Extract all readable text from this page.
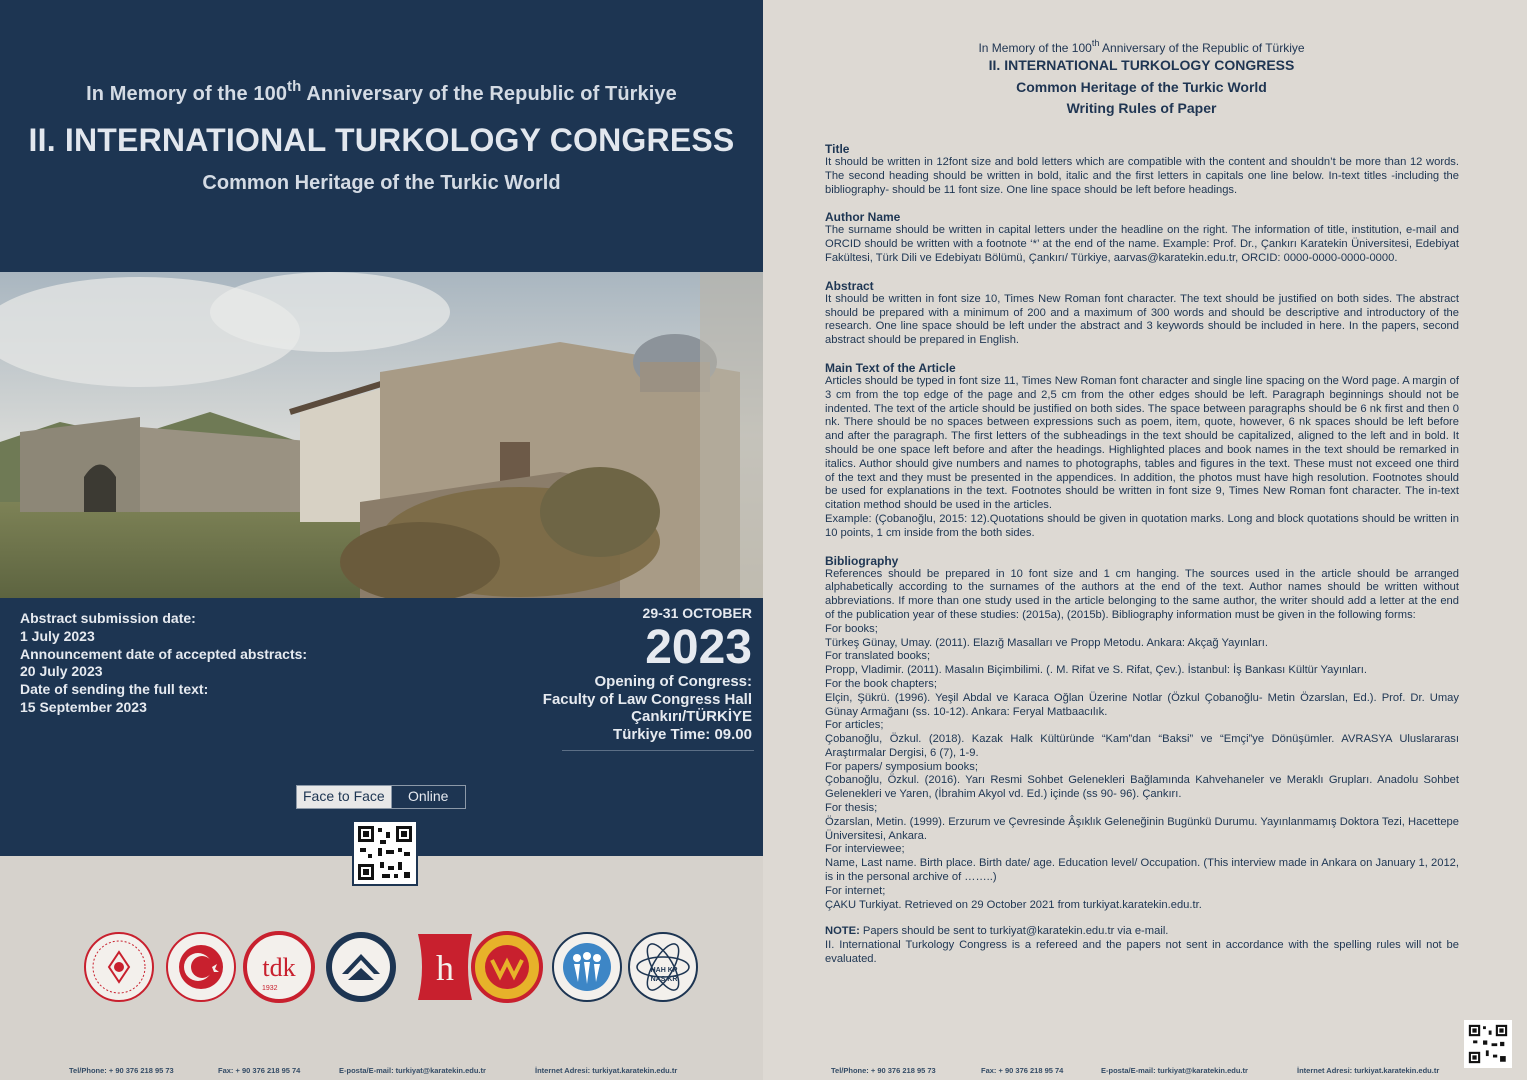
In Memory of the 100th Anniversary of the Republic of Türkiye
II. INTERNATIONAL TURKOLOGY CONGRESS
Common Heritage of the Turkic World
Abstract submission date:
1 July 2023
Announcement date of accepted abstracts:
20 July 2023
Date of sending the full text:
15 September 2023
29-31 OCTOBER
2023
Opening of Congress:
Faculty of Law Congress Hall
Çankırı/TÜRKİYE
Türkiye Time: 09.00
Face to Face	Online
tdk
1932
h	HAH KP
NAS KR
Tel/Phone: + 90 376 218 95 73	Fax: + 90 376 218 95 74	E-posta/E-mail: turkiyat@karatekin.edu.tr	İnternet Adresi: turkiyat.karatekin.edu.tr
In Memory of the 100th Anniversary of the Republic of Türkiye
II. INTERNATIONAL TURKOLOGY CONGRESS
Common Heritage of the Turkic World
Writing Rules of Paper
Title

It should be written in 12font size and bold letters which are compatible with the content and shouldn’t be more than 12 words. The second heading should be written in bold, italic and the first letters in capitals one line below. In-text titles -including the bibliography- should be 11 font size. One line space should be left before headings.

Author Name

The surname should be written in capital letters under the headline on the right. The information of title, institution, e-mail and ORCID should be written with a footnote ‘*’ at the end of the name. Example: Prof. Dr., Çankırı Karatekin Üniversitesi, Edebiyat Fakültesi, Türk Dili ve Edebiyatı Bölümü, Çankırı/ Türkiye, aarvas@karatekin.edu.tr, ORCID: 0000-0000-0000-0000.

Abstract

It should be written in font size 10, Times New Roman font character. The text should be justified on both sides. The abstract should be prepared with a minimum of 200 and a maximum of 300 words and should be descriptive and introductory of the research. One line space should be left under the abstract and 3 keywords should be included in here. In the papers, second abstract should be prepared in English.

Main Text of the Article

Articles should be typed in font size 11, Times New Roman font character and single line spacing on the Word page. A margin of 3 cm from the top edge of the page and 2,5 cm from the other edges should be left. Paragraph beginnings should not be indented. The text of the article should be justified on both sides. The space between paragraphs should be 6 nk first and then 0 nk. There should be no spaces between expressions such as poem, item, quote, however, 6 nk spaces should be left before and after the paragraph. The first letters of the subheadings in the text should be capitalized, aligned to the left and in bold. It should be one space left before and after the headings. Highlighted places and book names in the text should be remarked in italics. Author should give numbers and names to photographs, tables and figures in the text. These must not exceed one third of the text and they must be presented in the appendices. In addition, the photos must have high resolution. Footnotes should be used for explanations in the text. Footnotes should be written in font size 9, Times New Roman font character. The in-text citation method should be used in the articles.

Example: (Çobanoğlu, 2015: 12).Quotations should be given in quotation marks. Long and block quotations should be written in 10 points, 1 cm inside from the both sides.

Bibliography

References should be prepared in 10 font size and 1 cm hanging. The sources used in the article should be arranged alphabetically according to the surnames of the authors at the end of the text. Author names should be written without abbreviations. If more than one study used in the article belonging to the same author, the writer should add a letter at the end of the publication year of these studies: (2015a), (2015b). Bibliography information must be given in the following forms:

For books;

Türkeş Günay, Umay. (2011). Elazığ Masalları ve Propp Metodu. Ankara: Akçağ Yayınları.

For translated books;

Propp, Vladimir. (2011). Masalın Biçimbilimi. (. M. Rifat ve S. Rifat, Çev.). İstanbul: İş Bankası Kültür Yayınları.

For the book chapters;

Elçin, Şükrü. (1996). Yeşil Abdal ve Karaca Oğlan Üzerine Notlar (Özkul Çobanoğlu- Metin Özarslan, Ed.). Prof. Dr. Umay Günay Armağanı (ss. 10-12). Ankara: Feryal Matbaacılık.

For articles;

Çobanoğlu, Özkul. (2018). Kazak Halk Kültüründe “Kam”dan “Baksi” ve “Emçi”ye Dönüşümler. AVRASYA Uluslararası Araştırmalar Dergisi, 6 (7), 1-9.

For papers/ symposium books;

Çobanoğlu, Özkul. (2016). Yarı Resmi Sohbet Gelenekleri Bağlamında Kahvehaneler ve Meraklı Grupları. Anadolu Sohbet Gelenekleri ve Yaren, (İbrahim Akyol vd. Ed.) içinde (ss 90- 96). Çankırı.

For thesis;

Özarslan, Metin. (1999). Erzurum ve Çevresinde Âşıklık Geleneğinin Bugünkü Durumu. Yayınlanmamış Doktora Tezi, Hacettepe Üniversitesi, Ankara.

For interviewee;

Name, Last name. Birth place. Birth date/ age. Education level/ Occupation. (This interview made in Ankara on January 1, 2012, is in the personal archive of ……..)

For internet;

ÇAKU Turkiyat. Retrieved on 29 October 2021 from turkiyat.karatekin.edu.tr.

NOTE: Papers should be sent to turkiyat@karatekin.edu.tr via e-mail.

II. International Turkology Congress is a refereed and the papers not sent in accordance with the spelling rules will not be evaluated.

Tel/Phone: + 90 376 218 95 73	Fax: + 90 376 218 95 74	E-posta/E-mail: turkiyat@karatekin.edu.tr	İnternet Adresi: turkiyat.karatekin.edu.tr
